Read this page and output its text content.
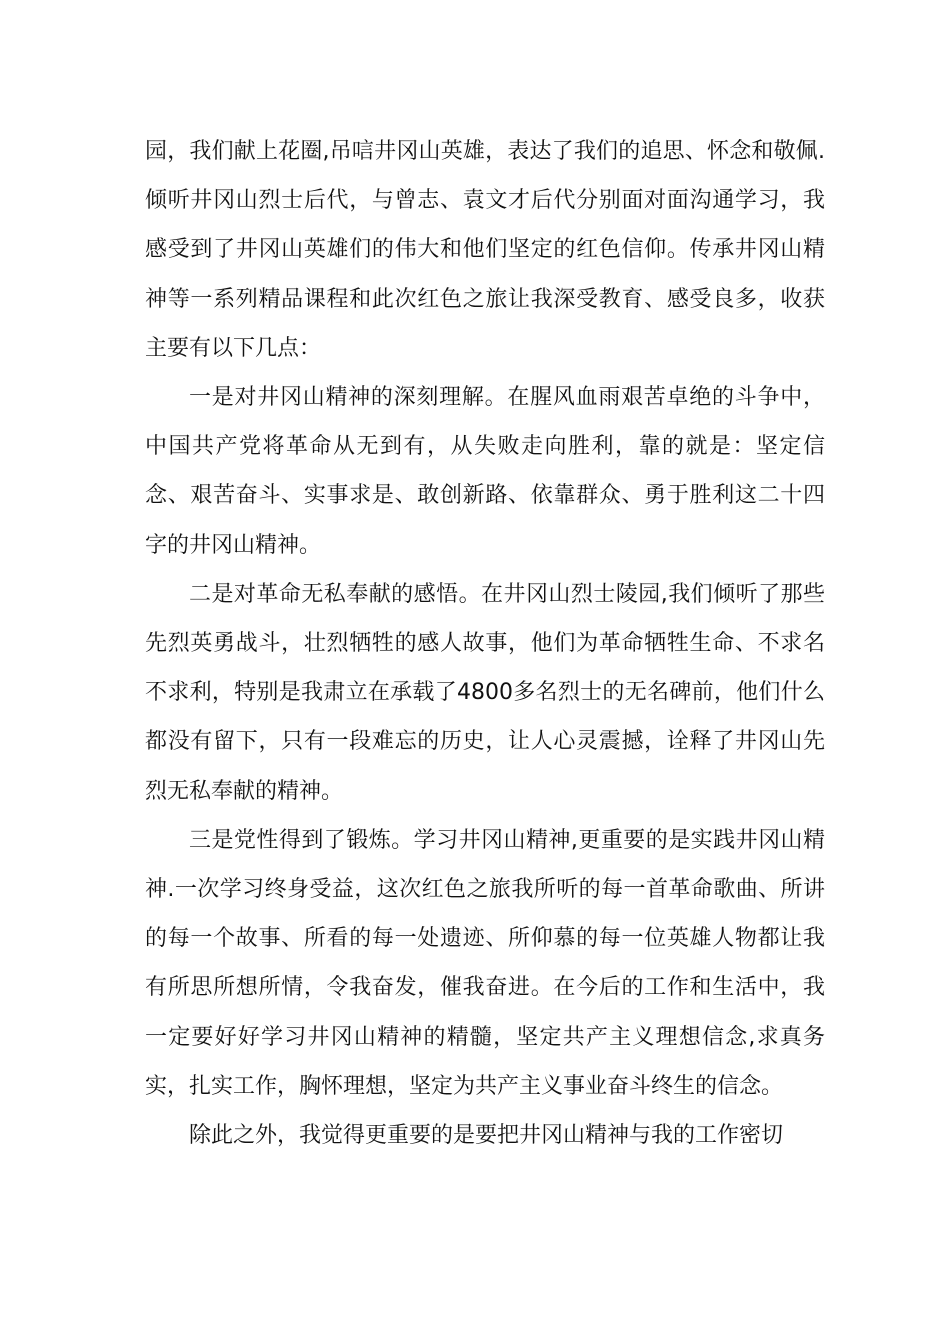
园，我们献上花圈,吊唁井冈山英雄，表达了我们的追思、怀念和敬佩.倾听井冈山烈士后代，与曾志、袁文才后代分别面对面沟通学习，我感受到了井冈山英雄们的伟大和他们坚定的红色信仰。传承井冈山精神等一系列精品课程和此次红色之旅让我深受教育、感受良多，收获主要有以下几点：

一是对井冈山精神的深刻理解。在腥风血雨艰苦卓绝的斗争中，中国共产党将革命从无到有，从失败走向胜利，靠的就是：坚定信念、艰苦奋斗、实事求是、敢创新路、依靠群众、勇于胜利这二十四字的井冈山精神。

二是对革命无私奉献的感悟。在井冈山烈士陵园,我们倾听了那些先烈英勇战斗，壮烈牺牲的感人故事，他们为革命牺牲生命、不求名不求利，特别是我肃立在承载了4800多名烈士的无名碑前，他们什么都没有留下，只有一段难忘的历史，让人心灵震撼，诠释了井冈山先烈无私奉献的精神。

三是党性得到了锻炼。学习井冈山精神,更重要的是实践井冈山精神.一次学习终身受益，这次红色之旅我所听的每一首革命歌曲、所讲的每一个故事、所看的每一处遗迹、所仰慕的每一位英雄人物都让我有所思所想所情，令我奋发，催我奋进。在今后的工作和生活中，我一定要好好学习井冈山精神的精髓，坚定共产主义理想信念,求真务实，扎实工作，胸怀理想，坚定为共产主义事业奋斗终生的信念。

除此之外，我觉得更重要的是要把井冈山精神与我的工作密切
